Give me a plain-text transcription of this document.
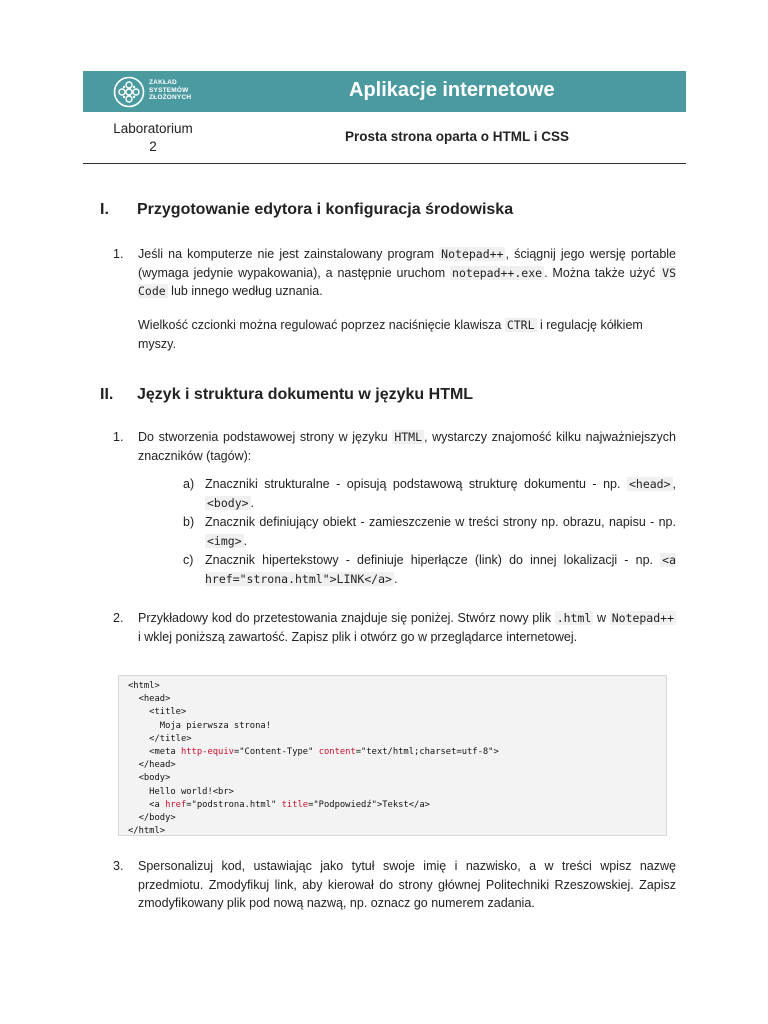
ZAKŁAD
SYSTEMÓW
ZŁOŻONYCH	Aplikacje internetowe
Laboratorium
2
Prosta strona oparta o HTML i CSS
I. Przygotowanie edytora i konfiguracja środowiska
1. Jeśli na komputerze nie jest zainstalowany program Notepad++ , ściągnij jego wersję portable (wymaga jedynie wypakowania), a następnie uruchom notepad++.exe . Można także użyć VS Code lub innego według uznania.
Wielkość czcionki można regulować poprzez naciśnięcie klawisza CTRL i regulację kółkiem myszy.
II. Język i struktura dokumentu w języku HTML
1. Do stworzenia podstawowej strony w języku HTML , wystarczy znajomość kilku najważniejszych znaczników (tagów):
a) Znaczniki strukturalne - opisują podstawową strukturę dokumentu - np. <head> , <body> .
b) Znacznik definiujący obiekt - zamieszczenie w treści strony np. obrazu, napisu - np. <img> .
c) Znacznik hipertekstowy - definiuje hiperłącze (link) do innej lokalizacji - np. <a href="strona.html">LINK</a> .
2. Przykładowy kod do przetestowania znajduje się poniżej. Stwórz nowy plik .html w Notepad++ i wklej poniższą zawartość. Zapisz plik i otwórz go w przeglądarce internetowej.
<html>
<head>
<title>
Moja pierwsza strona!
</title>
<meta http-equiv="Content-Type" content="text/html;charset=utf-8">
</head>
<body>
Hello world!<br>
<a href="podstrona.html" title="Podpowiedź">Tekst</a>
</body>
</html>
3. Spersonalizuj kod, ustawiając jako tytuł swoje imię i nazwisko, a w treści wpisz nazwę przedmiotu. Zmodyfikuj link, aby kierował do strony głównej Politechniki Rzeszowskiej. Zapisz zmodyfikowany plik pod nową nazwą, np. oznacz go numerem zadania.
